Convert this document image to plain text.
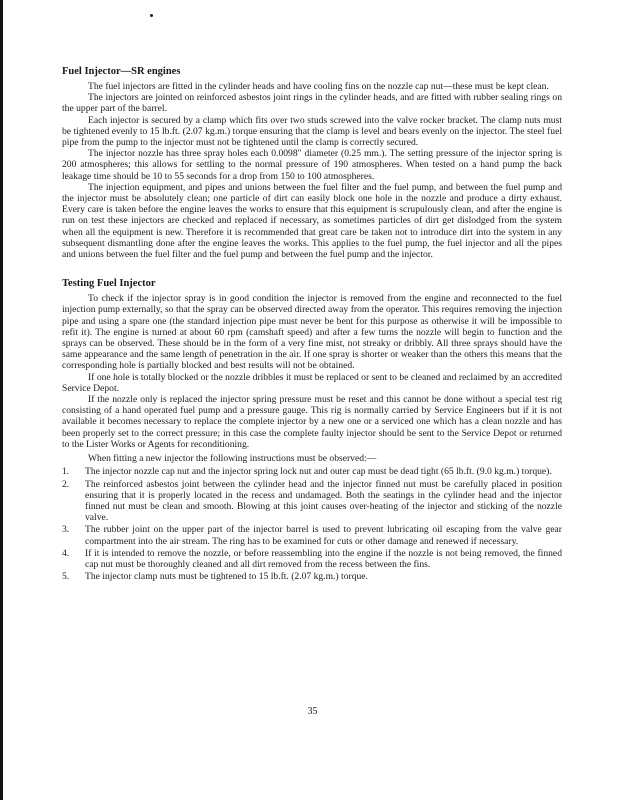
Fuel Injector—SR engines

The fuel injectors are fitted in the cylinder heads and have cooling fins on the nozzle cap nut—these must be kept clean.

The injectors are jointed on reinforced asbestos joint rings in the cylinder heads, and are fitted with rubber sealing rings on the upper part of the barrel.

Each injector is secured by a clamp which fits over two studs screwed into the valve rocker bracket. The clamp nuts must be tightened evenly to 15 lb.ft. (2.07 kg.m.) torque ensuring that the clamp is level and bears evenly on the injector. The steel fuel pipe from the pump to the injector must not be tightened until the clamp is correctly secured.

The injector nozzle has three spray holes each 0.0098″ diameter (0.25 mm.). The setting pressure of the injector spring is 200 atmospheres; this allows for settling to the normal pressure of 190 atmospheres. When tested on a hand pump the back leakage time should be 10 to 55 seconds for a drop from 150 to 100 atmospheres.

The injection equipment, and pipes and unions between the fuel filter and the fuel pump, and between the fuel pump and the injector must be absolutely clean; one particle of dirt can easily block one hole in the nozzle and produce a dirty exhaust. Every care is taken before the engine leaves the works to ensure that this equipment is scrupulously clean, and after the engine is run on test these injectors are checked and replaced if necessary, as sometimes particles of dirt get dislodged from the system when all the equipment is new. Therefore it is recommended that great care be taken not to introduce dirt into the system in any subsequent dismantling done after the engine leaves the works. This applies to the fuel pump, the fuel injector and all the pipes and unions between the fuel filter and the fuel pump and between the fuel pump and the injector.

Testing Fuel Injector

To check if the injector spray is in good condition the injector is removed from the engine and reconnected to the fuel injection pump externally, so that the spray can be observed directed away from the operator. This requires removing the injection pipe and using a spare one (the standard injection pipe must never be bent for this purpose as otherwise it will be impossible to refit it). The engine is turned at about 60 rpm (camshaft speed) and after a few turns the nozzle will begin to function and the sprays can be observed. These should be in the form of a very fine mist, not streaky or dribbly. All three sprays should have the same appearance and the same length of penetration in the air. If one spray is shorter or weaker than the others this means that the corresponding hole is partially blocked and best results will not be obtained.

If one hole is totally blocked or the nozzle dribbles it must be replaced or sent to be cleaned and reclaimed by an accredited Service Depot.

If the nozzle only is replaced the injector spring pressure must be reset and this cannot be done without a special test rig consisting of a hand operated fuel pump and a pressure gauge. This rig is normally carried by Service Engineers but if it is not available it becomes necessary to replace the complete injector by a new one or a serviced one which has a clean nozzle and has been properly set to the correct pressure; in this case the complete faulty injector should be sent to the Service Depot or returned to the Lister Works or Agents for reconditioning.

When fitting a new injector the following instructions must be observed:—

1. The injector nozzle cap nut and the injector spring lock nut and outer cap must be dead tight (65 lb.ft. (9.0 kg.m.) torque).
2. The reinforced asbestos joint between the cylinder head and the injector finned nut must be carefully placed in position ensuring that it is properly located in the recess and undamaged. Both the seatings in the cylinder head and the injector finned nut must be clean and smooth. Blowing at this joint causes over-heating of the injector and sticking of the nozzle valve.
3. The rubber joint on the upper part of the injector barrel is used to prevent lubricating oil escaping from the valve gear compartment into the air stream. The ring has to be examined for cuts or other damage and renewed if necessary.
4. If it is intended to remove the nozzle, or before reassembling into the engine if the nozzle is not being removed, the finned cap nut must be thoroughly cleaned and all dirt removed from the recess between the fins.
5. The injector clamp nuts must be tightened to 15 lb.ft. (2.07 kg.m.) torque.
35
